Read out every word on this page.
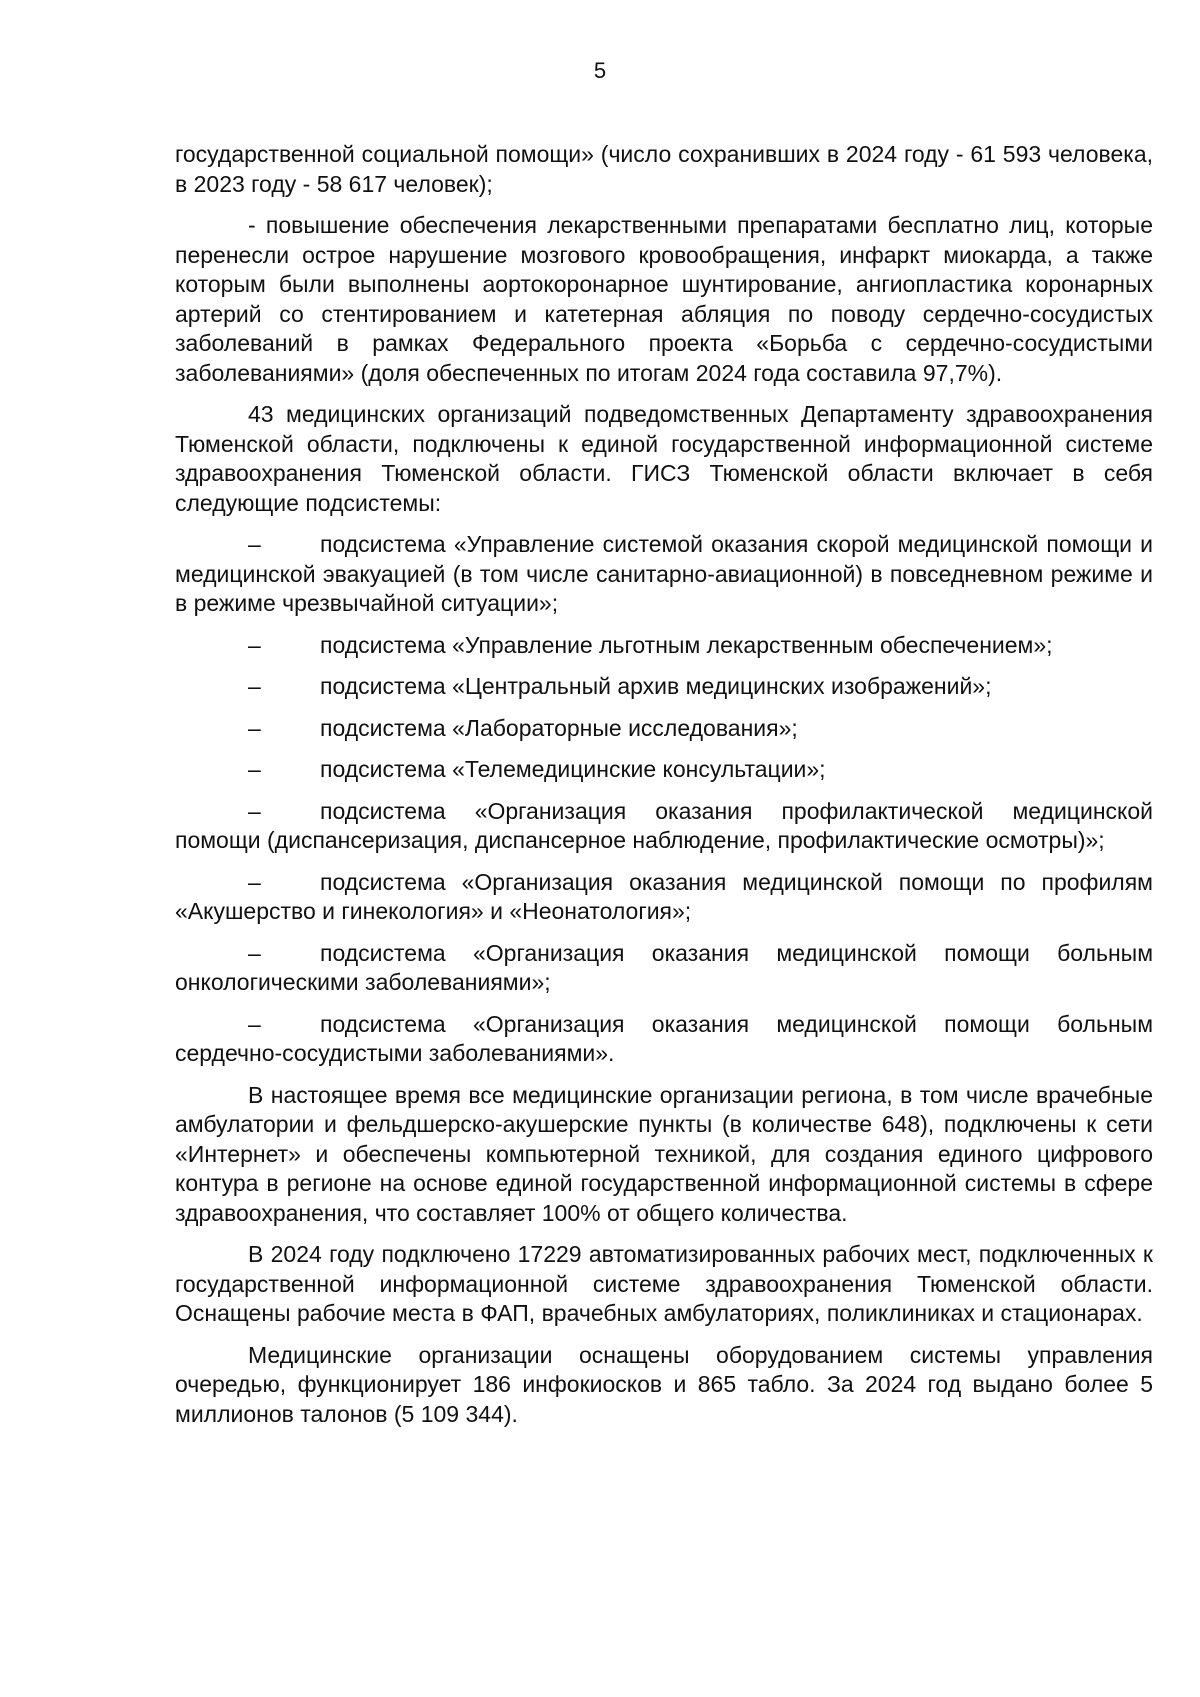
5

государственной социальной помощи» (число сохранивших в 2024 году - 61 593 человека, в 2023 году - 58 617 человек);

- повышение обеспечения лекарственными препаратами бесплатно лиц, которые перенесли острое нарушение мозгового кровообращения, инфаркт миокарда, а также которым были выполнены аортокоронарное шунтирование, ангиопластика коронарных артерий со стентированием и катетерная абляция по поводу сердечно-сосудистых заболеваний в рамках Федерального проекта «Борьба с сердечно-сосудистыми заболеваниями» (доля обеспеченных по итогам 2024 года составила 97,7%).

43 медицинских организаций подведомственных Департаменту здравоохранения Тюменской области, подключены к единой государственной информационной системе здравоохранения Тюменской области. ГИСЗ Тюменской области включает в себя следующие подсистемы:

–	подсистема «Управление системой оказания скорой медицинской помощи и медицинской эвакуацией (в том числе санитарно-авиационной) в повседневном режиме и в режиме чрезвычайной ситуации»;

–	подсистема «Управление льготным лекарственным обеспечением»;

–	подсистема «Центральный архив медицинских изображений»;

–	подсистема «Лабораторные исследования»;

–	подсистема «Телемедицинские консультации»;

–	подсистема «Организация оказания профилактической медицинской помощи (диспансеризация, диспансерное наблюдение, профилактические осмотры)»;

–	подсистема «Организация оказания медицинской помощи по профилям «Акушерство и гинекология» и «Неонатология»;

–	подсистема «Организация оказания медицинской помощи больным онкологическими заболеваниями»;

–	подсистема «Организация оказания медицинской помощи больным сердечно-сосудистыми заболеваниями».

В настоящее время все медицинские организации региона, в том числе врачебные амбулатории и фельдшерско-акушерские пункты (в количестве 648), подключены к сети «Интернет» и обеспечены компьютерной техникой, для создания единого цифрового контура в регионе на основе единой государственной информационной системы в сфере здравоохранения, что составляет 100% от общего количества.

В 2024 году подключено 17229 автоматизированных рабочих мест, подключенных к государственной информационной системе здравоохранения Тюменской области. Оснащены рабочие места в ФАП, врачебных амбулаториях, поликлиниках и стационарах.

Медицинские организации оснащены оборудованием системы управления очередью, функционирует 186 инфокиосков и 865 табло. За 2024 год выдано более 5 миллионов талонов (5 109 344).
